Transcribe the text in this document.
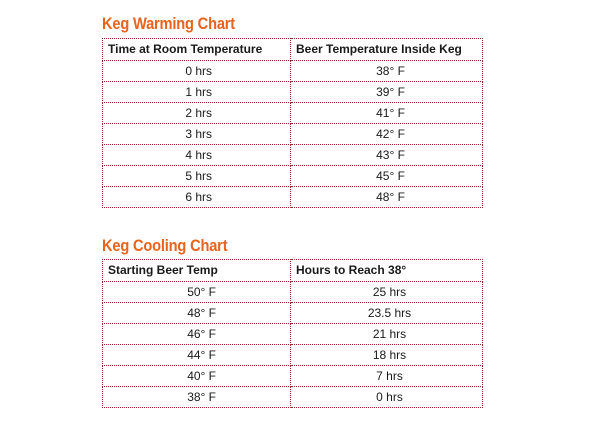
Keg Warming Chart
Time at Room Temperature	Beer Temperature Inside Keg
0 hrs	38° F
1 hrs	39° F
2 hrs	41° F
3 hrs	42° F
4 hrs	43° F
5 hrs	45° F
6 hrs	48° F
Keg Cooling Chart
Starting Beer Temp	Hours to Reach 38°
50° F	25 hrs
48° F	23.5 hrs
46° F	21 hrs
44° F	18 hrs
40° F	7 hrs
38° F	0 hrs
